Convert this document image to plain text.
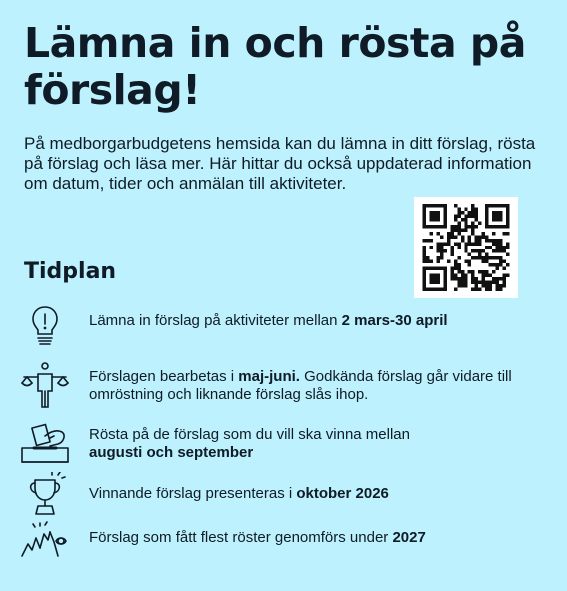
Lämna in och rösta på förslag!

På medborgarbudgetens hemsida kan du lämna in ditt förslag, rösta på förslag och läsa mer. Här hittar du också uppdaterad information om datum, tider och anmälan till aktiviteter.

Tidplan
Lämna in förslag på aktiviteter mellan 2 mars-30 april
Förslagen bearbetas i maj-juni. Godkända förslag går vidare till omröstning och liknande förslag slås ihop.
Rösta på de förslag som du vill ska vinna mellan
augusti och september
Vinnande förslag presenteras i oktober 2026
Förslag som fått flest röster genomförs under 2027
